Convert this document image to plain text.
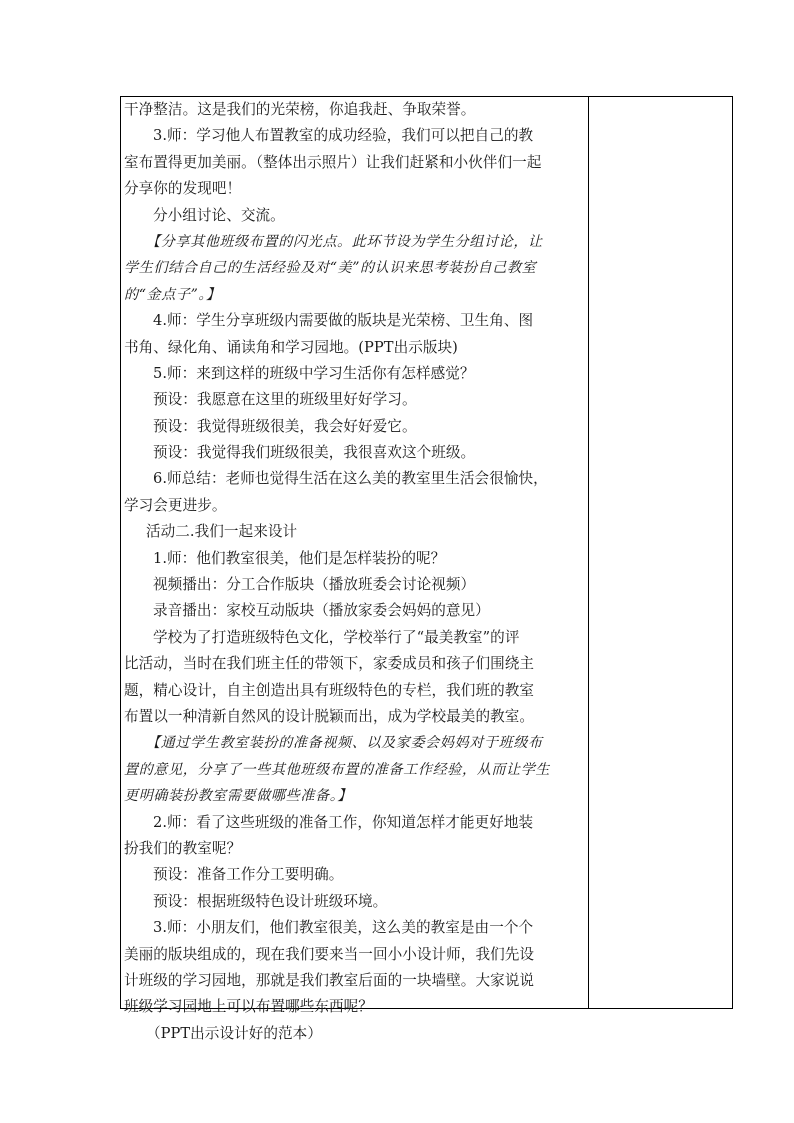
干净整洁。这是我们的光荣榜，你追我赶、争取荣誉。
3.师：学习他人布置教室的成功经验，我们可以把自己的教
室布置得更加美丽。（整体出示照片）让我们赶紧和小伙伴们一起
分享你的发现吧！
分小组讨论、交流。
【分享其他班级布置的闪光点。此环节设为学生分组讨论，让
学生们结合自己的生活经验及对“美”的认识来思考装扮自己教室
的“金点子”。】
4.师：学生分享班级内需要做的版块是光荣榜、卫生角、图
书角、绿化角、诵读角和学习园地。(PPT出示版块)
5.师：来到这样的班级中学习生活你有怎样感觉？
预设：我愿意在这里的班级里好好学习。
预设：我觉得班级很美，我会好好爱它。
预设：我觉得我们班级很美，我很喜欢这个班级。
6.师总结：老师也觉得生活在这么美的教室里生活会很愉快，
学习会更进步。
活动二.我们一起来设计
1.师：他们教室很美，他们是怎样装扮的呢？
视频播出：分工合作版块（播放班委会讨论视频）
录音播出：家校互动版块（播放家委会妈妈的意见）
学校为了打造班级特色文化，学校举行了“最美教室”的评
比活动，当时在我们班主任的带领下，家委成员和孩子们围绕主
题，精心设计，自主创造出具有班级特色的专栏，我们班的教室
布置以一种清新自然风的设计脱颖而出，成为学校最美的教室。
【通过学生教室装扮的准备视频、以及家委会妈妈对于班级布
置的意见，分享了一些其他班级布置的准备工作经验，从而让学生
更明确装扮教室需要做哪些准备。】
2.师：看了这些班级的准备工作，你知道怎样才能更好地装
扮我们的教室呢？
预设：准备工作分工要明确。
预设：根据班级特色设计班级环境。
3.师：小朋友们，他们教室很美，这么美的教室是由一个个
美丽的版块组成的，现在我们要来当一回小小设计师，我们先设
计班级的学习园地，那就是我们教室后面的一块墙壁。大家说说
班级学习园地上可以布置哪些东西呢？
（PPT出示设计好的范本）
